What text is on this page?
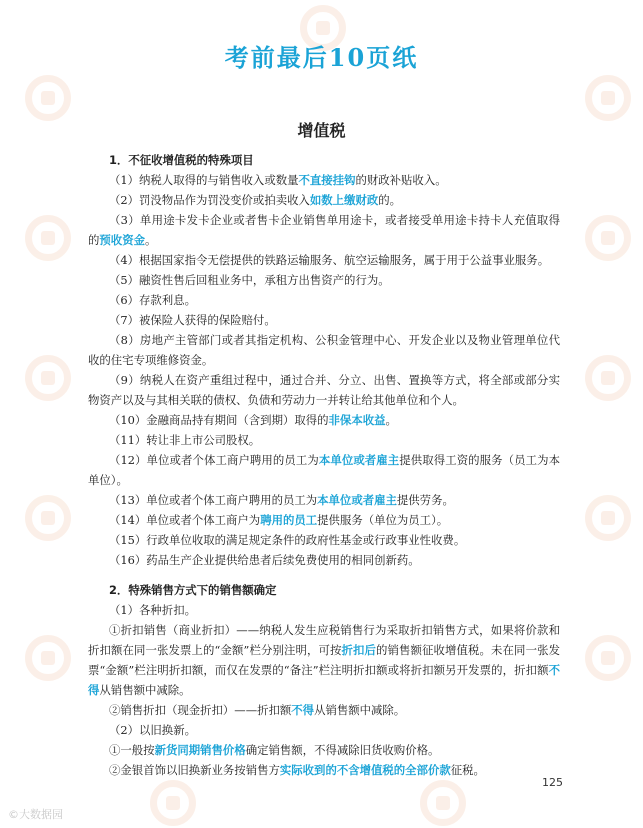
考前最后10页纸
增值税
1．不征收增值税的特殊项目
（1）纳税人取得的与销售收入或数量不直接挂钩的财政补贴收入。
（2）罚没物品作为罚没变价或拍卖收入如数上缴财政的。
（3）单用途卡发卡企业或者售卡企业销售单用途卡，或者接受单用途卡持卡人充值取得的预收资金。
（4）根据国家指令无偿提供的铁路运输服务、航空运输服务，属于用于公益事业服务。
（5）融资性售后回租业务中，承租方出售资产的行为。
（6）存款利息。
（7）被保险人获得的保险赔付。
（8）房地产主管部门或者其指定机构、公积金管理中心、开发企业以及物业管理单位代收的住宅专项维修资金。
（9）纳税人在资产重组过程中，通过合并、分立、出售、置换等方式，将全部或部分实物资产以及与其相关联的债权、负债和劳动力一并转让给其他单位和个人。
（10）金融商品持有期间（含到期）取得的非保本收益。
（11）转让非上市公司股权。
（12）单位或者个体工商户聘用的员工为本单位或者雇主提供取得工资的服务（员工为本单位）。
（13）单位或者个体工商户聘用的员工为本单位或者雇主提供劳务。
（14）单位或者个体工商户为聘用的员工提供服务（单位为员工）。
（15）行政单位收取的满足规定条件的政府性基金或行政事业性收费。
（16）药品生产企业提供给患者后续免费使用的相同创新药。
2．特殊销售方式下的销售额确定
（1）各种折扣。
①折扣销售（商业折扣）——纳税人发生应税销售行为采取折扣销售方式，如果将价款和折扣额在同一张发票上的“金额”栏分别注明，可按折扣后的销售额征收增值税。未在同一张发票“金额”栏注明折扣额，而仅在发票的“备注”栏注明折扣额或将折扣额另开发票的，折扣额不得从销售额中减除。
②销售折扣（现金折扣）——折扣额不得从销售额中减除。
（2）以旧换新。
①一般按新货同期销售价格确定销售额，不得减除旧货收购价格。
②金银首饰以旧换新业务按销售方实际收到的不含增值税的全部价款征税。
125
©大数据园
